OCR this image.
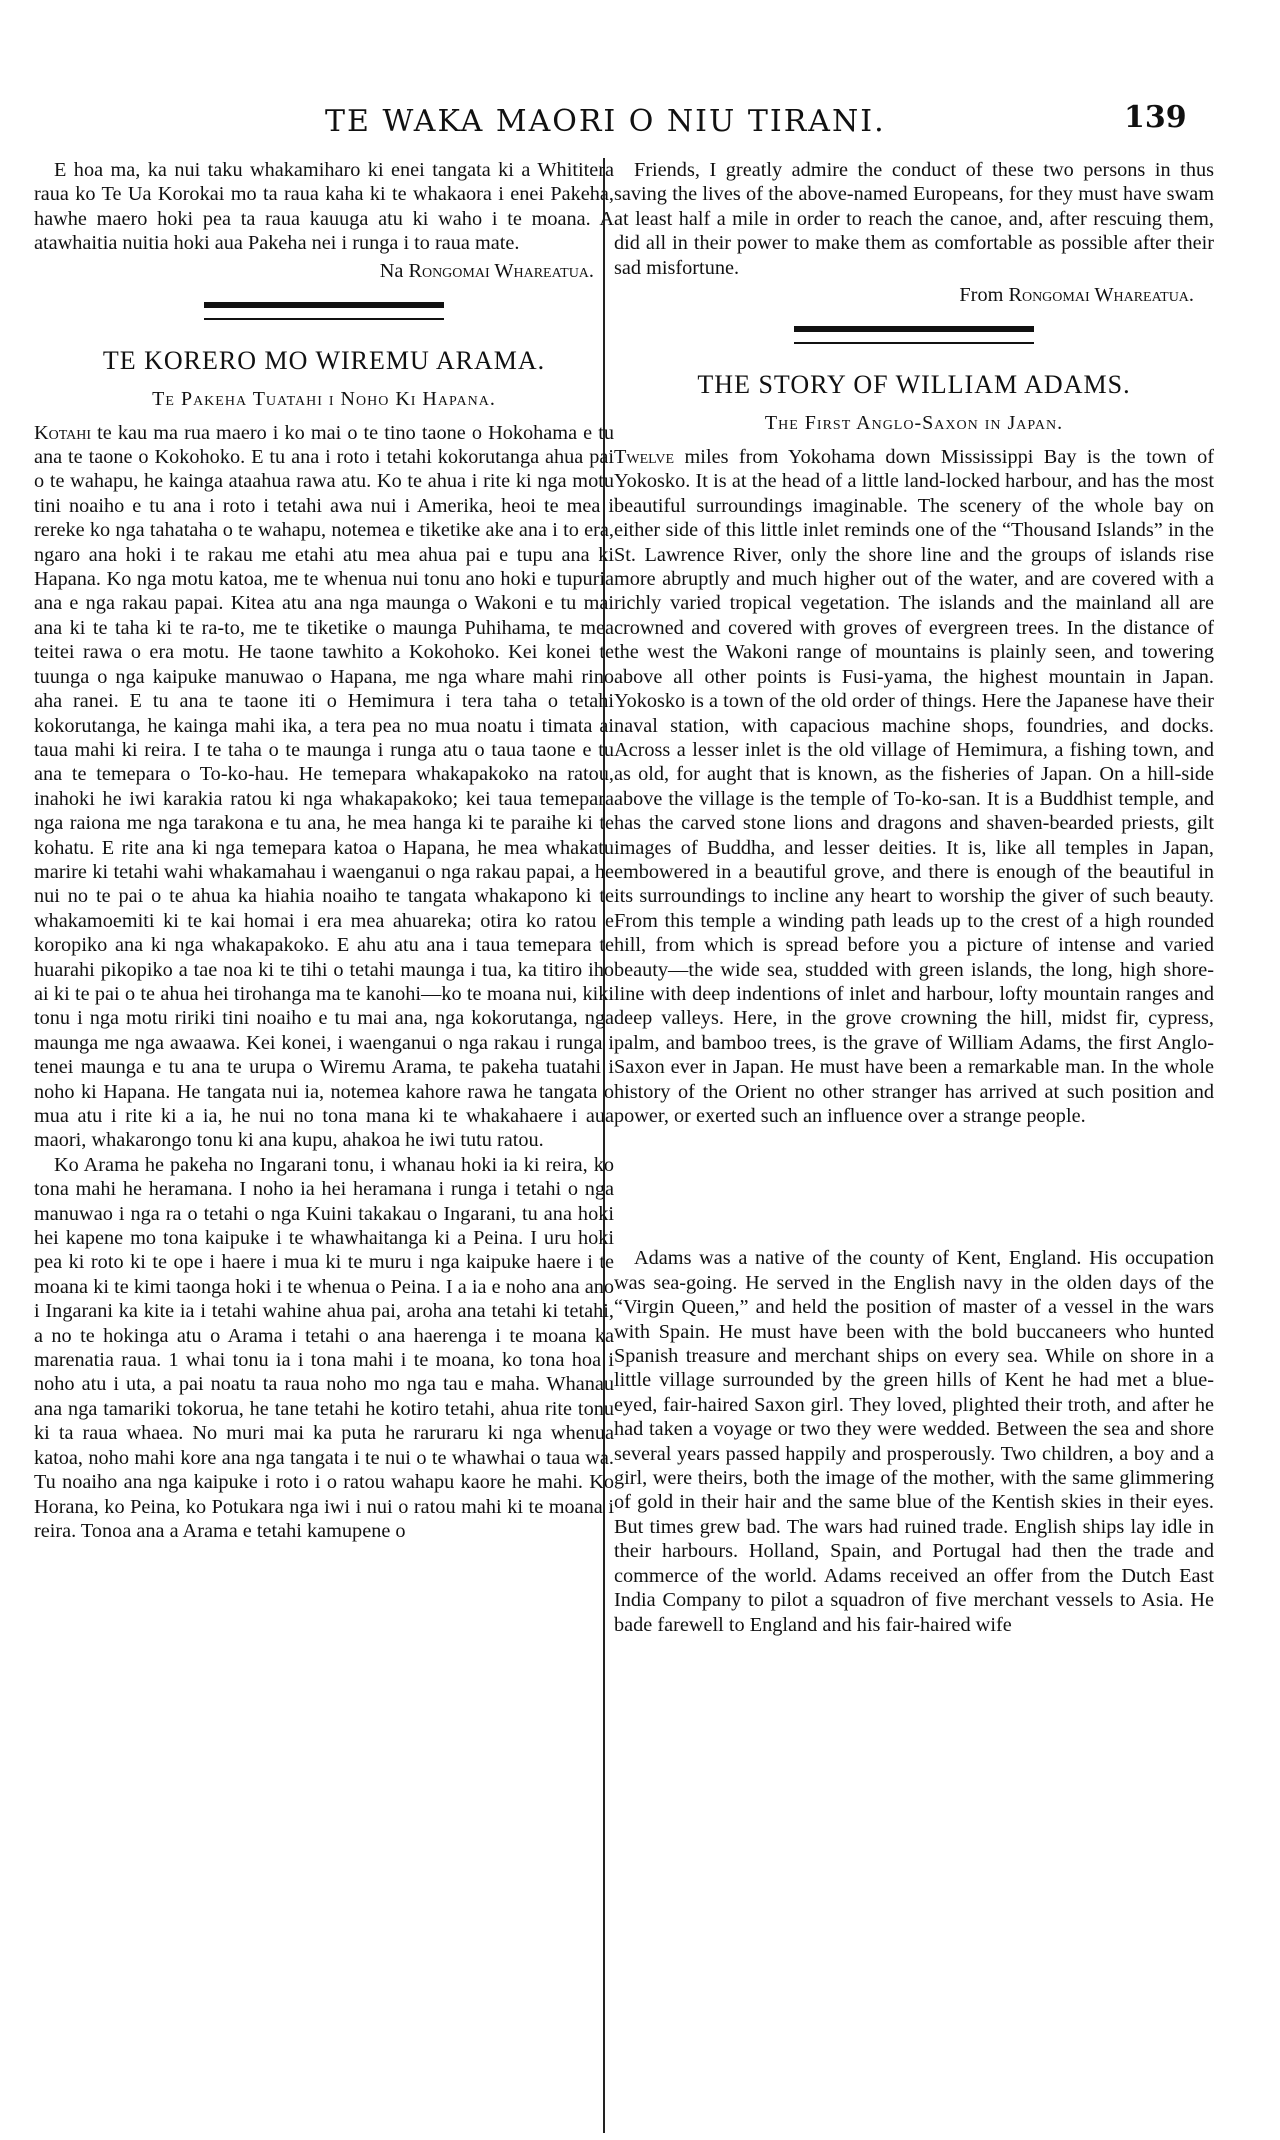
TE WAKA MAORI O NIU TIRANI.	139

E hoa ma, ka nui taku whakamiharo ki enei tangata ki a Whititera raua ko Te Ua Korokai mo ta raua kaha ki te whakaora i enei Pakeha, hawhe maero hoki pea ta raua kauuga atu ki waho i te moana. A atawhaitia nuitia hoki aua Pakeha nei i runga i to raua mate.

Na Rongomai Whareatua.
TE KORERO MO WIREMU ARAMA.
Te Pakeha Tuatahi i Noho Ki Hapana.

Kotahi te kau ma rua maero i ko mai o te tino taone o Hokohama e tu ana te taone o Kokohoko. E tu ana i roto i tetahi kokorutanga ahua pai o te wahapu, he kainga ataahua rawa atu. Ko te ahua i rite ki nga motu tini noaiho e tu ana i roto i tetahi awa nui i Amerika, heoi te mea i rereke ko nga tahataha o te wahapu, notemea e tiketike ake ana i to era, ngaro ana hoki i te rakau me etahi atu mea ahua pai e tupu ana ki Hapana. Ko nga motu katoa, me te whenua nui tonu ano hoki e tupuria ana e nga rakau papai. Kitea atu ana nga maunga o Wakoni e tu mai ana ki te taha ki te ra-to, me te tiketike o maunga Puhihama, te mea teitei rawa o era motu. He taone tawhito a Kokohoko. Kei konei te tuunga o nga kaipuke manuwao o Hapana, me nga whare mahi rino aha ranei. E tu ana te taone iti o Hemimura i tera taha o tetahi kokorutanga, he kainga mahi ika, a tera pea no mua noatu i timata ai taua mahi ki reira. I te taha o te maunga i runga atu o taua taone e tu ana te temepara o To-ko-hau. He temepara whakapakoko na ratou, inahoki he iwi karakia ratou ki nga whakapakoko; kei taua temepara nga raiona me nga tarakona e tu ana, he mea hanga ki te paraihe ki te kohatu. E rite ana ki nga temepara katoa o Hapana, he mea whakatu marire ki tetahi wahi whakamahau i waenganui o nga rakau papai, a he nui no te pai o te ahua ka hiahia noaiho te tangata whakapono ki te whakamoemiti ki te kai homai i era mea ahuareka; otira ko ratou e koropiko ana ki nga whakapakoko. E ahu atu ana i taua temepara te huarahi pikopiko a tae noa ki te tihi o tetahi maunga i tua, ka titiro iho ai ki te pai o te ahua hei tirohanga ma te kanohi—ko te moana nui, kiki tonu i nga motu ririki tini noaiho e tu mai ana, nga kokorutanga, nga maunga me nga awaawa. Kei konei, i waenganui o nga rakau i runga i tenei maunga e tu ana te urupa o Wiremu Arama, te pakeha tuatahi i noho ki Hapana. He tangata nui ia, notemea kahore rawa he tangata o mua atu i rite ki a ia, he nui no tona mana ki te whakahaere i aua maori, whakarongo tonu ki ana kupu, ahakoa he iwi tutu ratou.

Ko Arama he pakeha no Ingarani tonu, i whanau hoki ia ki reira, ko tona mahi he heramana. I noho ia hei heramana i runga i tetahi o nga manuwao i nga ra o tetahi o nga Kuini takakau o Ingarani, tu ana hoki hei kapene mo tona kaipuke i te whawhaitanga ki a Peina. I uru hoki pea ki roto ki te ope i haere i mua ki te muru i nga kaipuke haere i te moana ki te kimi taonga hoki i te whenua o Peina. I a ia e noho ana ano i Ingarani ka kite ia i tetahi wahine ahua pai, aroha ana tetahi ki tetahi, a no te hokinga atu o Arama i tetahi o ana haerenga i te moana ka marenatia raua. 1 whai tonu ia i tona mahi i te moana, ko tona hoa i noho atu i uta, a pai noatu ta raua noho mo nga tau e maha. Whanau ana nga tamariki tokorua, he tane tetahi he kotiro tetahi, ahua rite tonu ki ta raua whaea. No muri mai ka puta he raruraru ki nga whenua katoa, noho mahi kore ana nga tangata i te nui o te whawhai o taua wa. Tu noaiho ana nga kaipuke i roto i o ratou wahapu kaore he mahi. Ko Horana, ko Peina, ko Potukara nga iwi i nui o ratou mahi ki te moana i reira. Tonoa ana a Arama e tetahi kamupene o

Friends, I greatly admire the conduct of these two persons in thus saving the lives of the above-named Europeans, for they must have swam at least half a mile in order to reach the canoe, and, after rescuing them, did all in their power to make them as comfortable as possible after their sad misfortune.

From Rongomai Whareatua.
THE STORY OF WILLIAM ADAMS.
The First Anglo-Saxon in Japan.

Twelve miles from Yokohama down Mississippi Bay is the town of Yokosko. It is at the head of a little land-locked harbour, and has the most beautiful surroundings imaginable. The scenery of the whole bay on either side of this little inlet reminds one of the “Thousand Islands” in the St. Lawrence River, only the shore line and the groups of islands rise more abruptly and much higher out of the water, and are covered with a richly varied tropical vegetation. The islands and the mainland all are crowned and covered with groves of evergreen trees. In the distance of the west the Wakoni range of mountains is plainly seen, and towering above all other points is Fusi-yama, the highest mountain in Japan. Yokosko is a town of the old order of things. Here the Japanese have their naval station, with capacious machine shops, foundries, and docks. Across a lesser inlet is the old village of Hemimura, a fishing town, and as old, for aught that is known, as the fisheries of Japan. On a hill-side above the village is the temple of To-ko-san. It is a Buddhist temple, and has the carved stone lions and dragons and shaven-bearded priests, gilt images of Buddha, and lesser deities. It is, like all temples in Japan, embowered in a beautiful grove, and there is enough of the beautiful in its surroundings to incline any heart to worship the giver of such beauty. From this temple a winding path leads up to the crest of a high rounded hill, from which is spread before you a picture of intense and varied beauty—the wide sea, studded with green islands, the long, high shore-line with deep indentions of inlet and harbour, lofty mountain ranges and deep valleys. Here, in the grove crowning the hill, midst fir, cypress, palm, and bamboo trees, is the grave of William Adams, the first Anglo-Saxon ever in Japan. He must have been a remarkable man. In the whole history of the Orient no other stranger has arrived at such position and power, or exerted such an influence over a strange people.

Adams was a native of the county of Kent, England. His occupation was sea-going. He served in the English navy in the olden days of the “Virgin Queen,” and held the position of master of a vessel in the wars with Spain. He must have been with the bold buccaneers who hunted Spanish treasure and merchant ships on every sea. While on shore in a little village surrounded by the green hills of Kent he had met a blue-eyed, fair-haired Saxon girl. They loved, plighted their troth, and after he had taken a voyage or two they were wedded. Between the sea and shore several years passed happily and prosperously. Two children, a boy and a girl, were theirs, both the image of the mother, with the same glimmering of gold in their hair and the same blue of the Kentish skies in their eyes. But times grew bad. The wars had ruined trade. English ships lay idle in their harbours. Holland, Spain, and Portugal had then the trade and commerce of the world. Adams received an offer from the Dutch East India Company to pilot a squadron of five merchant vessels to Asia. He bade farewell to England and his fair-haired wife
